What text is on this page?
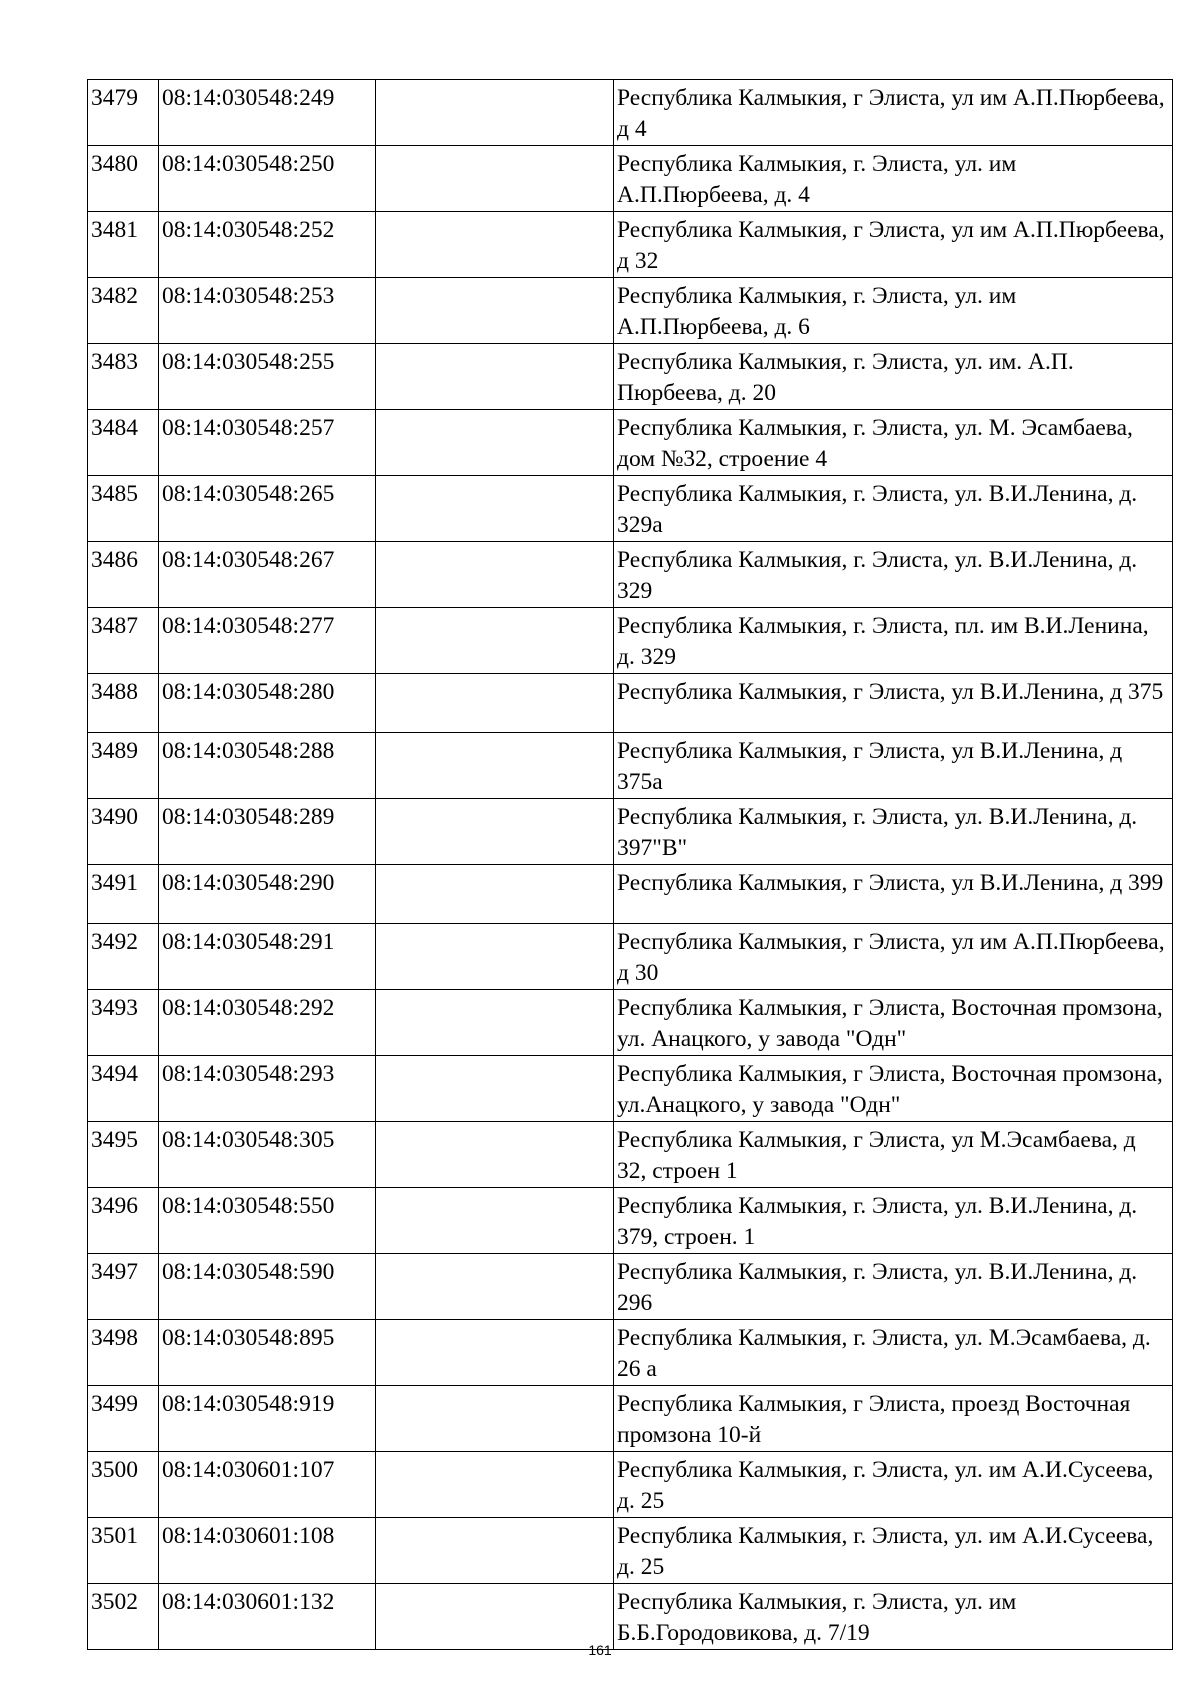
3479	08:14:030548:249		Республика Калмыкия, г Элиста, ул им А.П.Пюрбеева, д 4
3480	08:14:030548:250		Республика Калмыкия, г. Элиста, ул. им А.П.Пюрбеева, д. 4
3481	08:14:030548:252		Республика Калмыкия, г Элиста, ул им А.П.Пюрбеева, д 32
3482	08:14:030548:253		Республика Калмыкия, г. Элиста, ул. им А.П.Пюрбеева, д. 6
3483	08:14:030548:255		Республика Калмыкия, г. Элиста, ул. им. А.П. Пюрбеева, д. 20
3484	08:14:030548:257		Республика Калмыкия, г. Элиста, ул. М. Эсамбаева, дом №32, строение 4
3485	08:14:030548:265		Республика Калмыкия, г. Элиста, ул. В.И.Ленина, д. 329а
3486	08:14:030548:267		Республика Калмыкия, г. Элиста, ул. В.И.Ленина, д. 329
3487	08:14:030548:277		Республика Калмыкия, г. Элиста, пл. им В.И.Ленина, д. 329
3488	08:14:030548:280		Республика Калмыкия, г Элиста, ул В.И.Ленина, д 375
3489	08:14:030548:288		Республика Калмыкия, г Элиста, ул В.И.Ленина, д 375а
3490	08:14:030548:289		Республика Калмыкия, г. Элиста, ул. В.И.Ленина, д. 397"В"
3491	08:14:030548:290		Республика Калмыкия, г Элиста, ул В.И.Ленина, д 399
3492	08:14:030548:291		Республика Калмыкия, г Элиста, ул им А.П.Пюрбеева, д 30
3493	08:14:030548:292		Республика Калмыкия, г Элиста, Восточная промзона, ул. Анацкого, у завода "Одн"
3494	08:14:030548:293		Республика Калмыкия, г Элиста, Восточная промзона, ул.Анацкого, у завода "Одн"
3495	08:14:030548:305		Республика Калмыкия, г Элиста, ул М.Эсамбаева, д 32, строен 1
3496	08:14:030548:550		Республика Калмыкия, г. Элиста, ул. В.И.Ленина, д. 379, строен. 1
3497	08:14:030548:590		Республика Калмыкия, г. Элиста, ул. В.И.Ленина, д. 296
3498	08:14:030548:895		Республика Калмыкия, г. Элиста, ул. М.Эсамбаева, д. 26 а
3499	08:14:030548:919		Республика Калмыкия, г Элиста, проезд Восточная промзона 10-й
3500	08:14:030601:107		Республика Калмыкия, г. Элиста, ул. им А.И.Сусеева, д. 25
3501	08:14:030601:108		Республика Калмыкия, г. Элиста, ул. им А.И.Сусеева, д. 25
3502	08:14:030601:132		Республика Калмыкия, г. Элиста, ул. им Б.Б.Городовикова, д. 7/19
161
